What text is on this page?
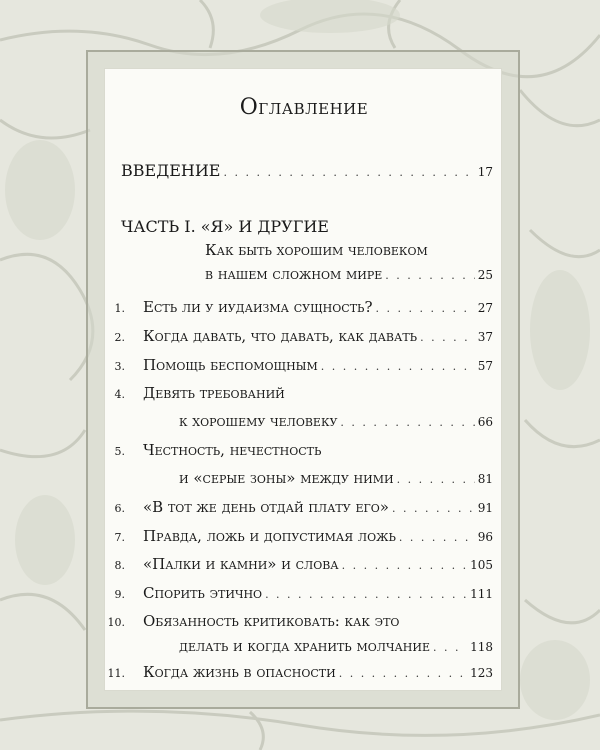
Оглавление
ВВЕДЕНИЕ . . .	17
ЧАСТЬ I. «Я» И ДРУГИЕ
Как быть хорошим человеком
в нашем сложном мире . . .	25
1. Есть ли у иудаизма сущность? . . .	27
2. Когда давать, что давать, как давать . . .	37
3. Помощь беспомощным . . .	57
4. Девять требований
к хорошему человеку . . .	66
5. Честность, нечестность
и «серые зоны» между ними . . .	81
6. «В тот же день отдай плату его» . . .	91
7. Правда, ложь и допустимая ложь . . .	96
8. «Палки и камни» и слова . . .	105
9. Спорить этично . . .	111
10. Обязанность критиковать: как это
делать и когда хранить молчание . . .	118
11. Когда жизнь в опасности . . .	123
